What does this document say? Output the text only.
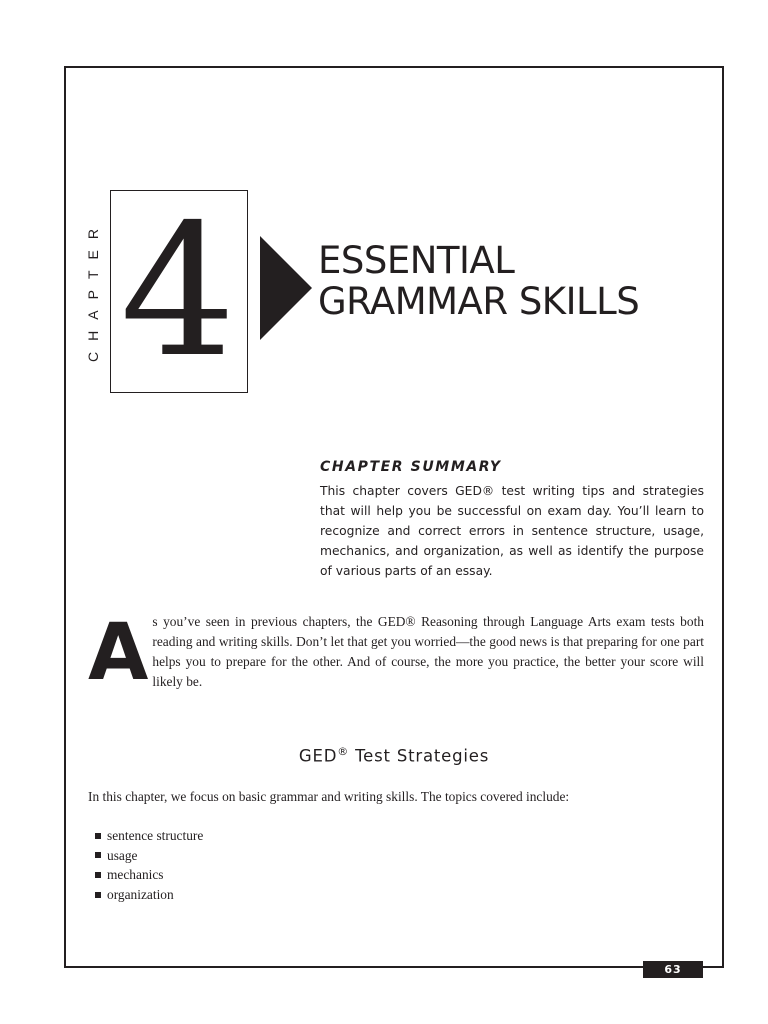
CHAPTER 4 ESSENTIAL
GRAMMAR SKILLS
CHAPTER SUMMARY

This chapter covers GED® test writing tips and strategies that will help you be successful on exam day. You’ll learn to recognize and correct errors in sentence structure, usage, mechanics, and organization, as well as identify the purpose of various parts of an essay.

A s you’ve seen in previous chapters, the GED® Reasoning through Language Arts exam tests both reading and writing skills. Don’t let that get you worried—the good news is that preparing for one part helps you to prepare for the other. And of course, the more you practice, the better your score will likely be.

GED® Test Strategies

In this chapter, we focus on basic grammar and writing skills. The topics covered include:

sentence structure
usage
mechanics
organization
63
